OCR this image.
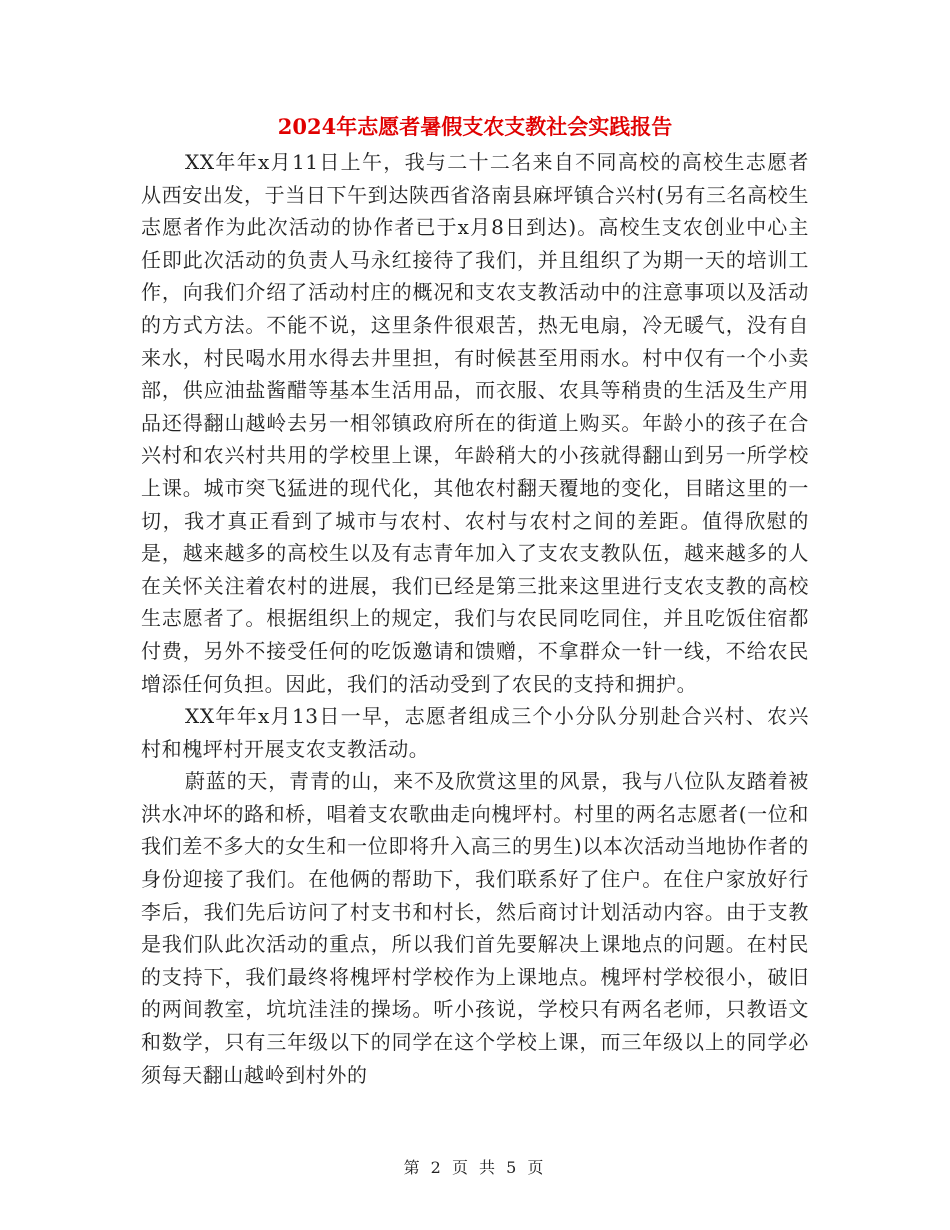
2024年志愿者暑假支农支教社会实践报告

XX年年x月11日上午，我与二十二名来自不同高校的高校生志愿者从西安出发，于当日下午到达陕西省洛南县麻坪镇合兴村(另有三名高校生志愿者作为此次活动的协作者已于x月8日到达)。高校生支农创业中心主任即此次活动的负责人马永红接待了我们，并且组织了为期一天的培训工作，向我们介绍了活动村庄的概况和支农支教活动中的注意事项以及活动的方式方法。不能不说，这里条件很艰苦，热无电扇，冷无暖气，没有自来水，村民喝水用水得去井里担，有时候甚至用雨水。村中仅有一个小卖部，供应油盐酱醋等基本生活用品，而衣服、农具等稍贵的生活及生产用品还得翻山越岭去另一相邻镇政府所在的街道上购买。年龄小的孩子在合兴村和农兴村共用的学校里上课，年龄稍大的小孩就得翻山到另一所学校上课。城市突飞猛进的现代化，其他农村翻天覆地的变化，目睹这里的一切，我才真正看到了城市与农村、农村与农村之间的差距。值得欣慰的是，越来越多的高校生以及有志青年加入了支农支教队伍，越来越多的人在关怀关注着农村的进展，我们已经是第三批来这里进行支农支教的高校生志愿者了。根据组织上的规定，我们与农民同吃同住，并且吃饭住宿都付费，另外不接受任何的吃饭邀请和馈赠，不拿群众一针一线，不给农民增添任何负担。因此，我们的活动受到了农民的支持和拥护。

XX年年x月13日一早，志愿者组成三个小分队分别赴合兴村、农兴村和槐坪村开展支农支教活动。

蔚蓝的天，青青的山，来不及欣赏这里的风景，我与八位队友踏着被洪水冲坏的路和桥，唱着支农歌曲走向槐坪村。村里的两名志愿者(一位和我们差不多大的女生和一位即将升入高三的男生)以本次活动当地协作者的身份迎接了我们。在他俩的帮助下，我们联系好了住户。在住户家放好行李后，我们先后访问了村支书和村长，然后商讨计划活动内容。由于支教是我们队此次活动的重点，所以我们首先要解决上课地点的问题。在村民的支持下，我们最终将槐坪村学校作为上课地点。槐坪村学校很小，破旧的两间教室，坑坑洼洼的操场。听小孩说，学校只有两名老师，只教语文和数学，只有三年级以下的同学在这个学校上课，而三年级以上的同学必须每天翻山越岭到村外的

第 2 页 共 5 页
